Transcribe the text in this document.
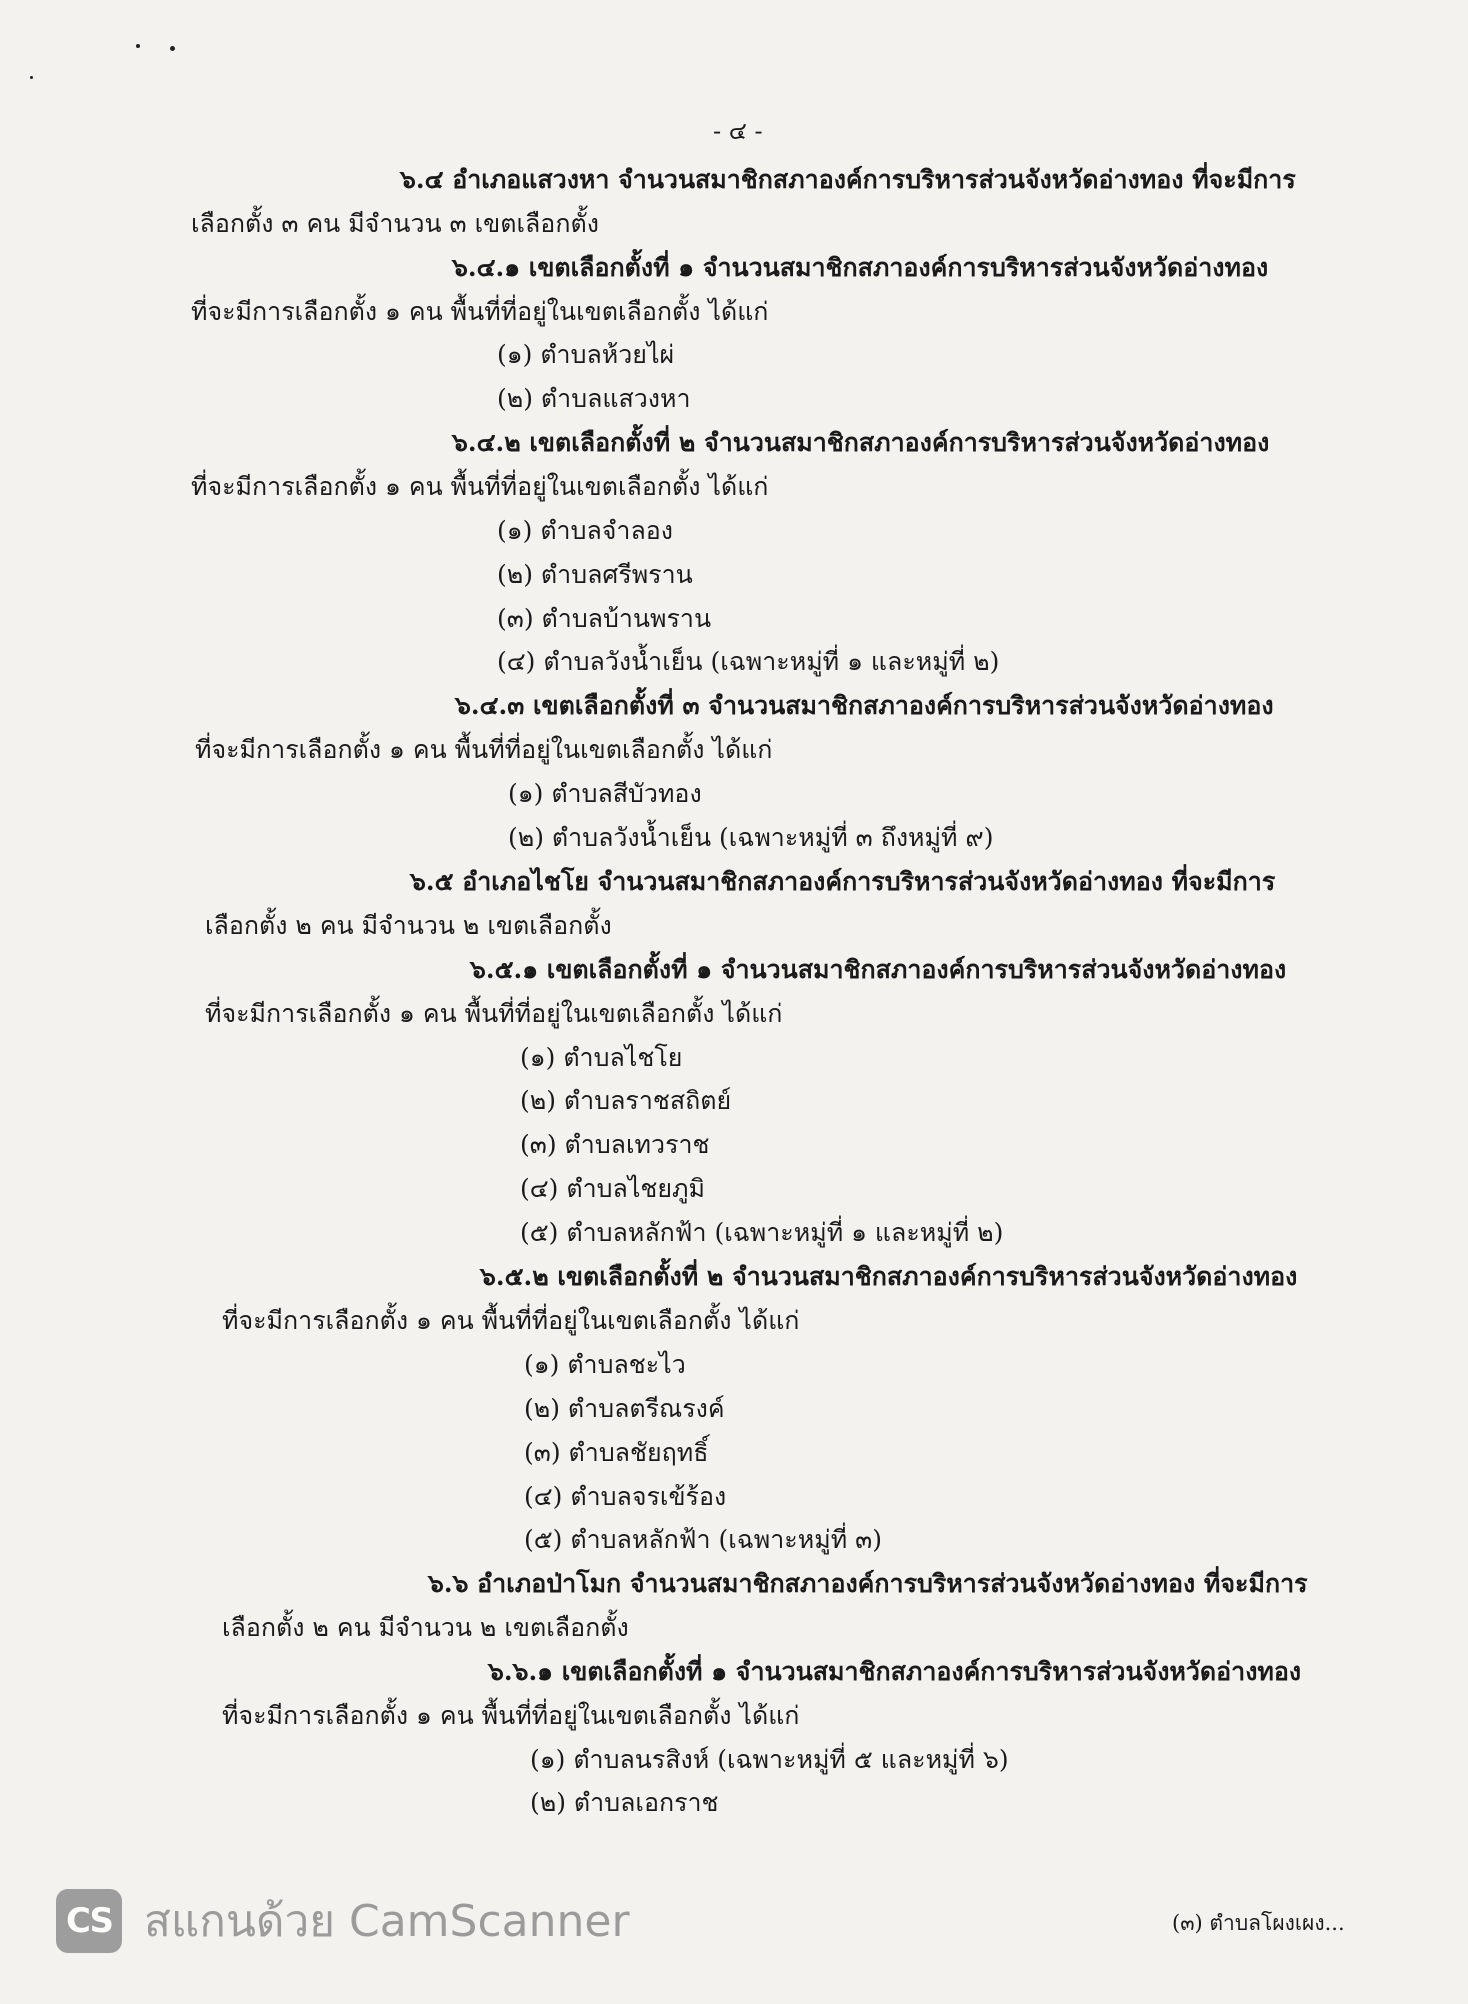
- ๔ -
๖.๔ อำเภอแสวงหา จำนวนสมาชิกสภาองค์การบริหารส่วนจังหวัดอ่างทอง ที่จะมีการ
เลือกตั้ง ๓ คน มีจำนวน ๓ เขตเลือกตั้ง
๖.๔.๑ เขตเลือกตั้งที่ ๑ จำนวนสมาชิกสภาองค์การบริหารส่วนจังหวัดอ่างทอง
ที่จะมีการเลือกตั้ง ๑ คน พื้นที่ที่อยู่ในเขตเลือกตั้ง ได้แก่
(๑) ตำบลห้วยไผ่
(๒) ตำบลแสวงหา
๖.๔.๒ เขตเลือกตั้งที่ ๒ จำนวนสมาชิกสภาองค์การบริหารส่วนจังหวัดอ่างทอง
ที่จะมีการเลือกตั้ง ๑ คน พื้นที่ที่อยู่ในเขตเลือกตั้ง ได้แก่
(๑) ตำบลจำลอง
(๒) ตำบลศรีพราน
(๓) ตำบลบ้านพราน
(๔) ตำบลวังน้ำเย็น (เฉพาะหมู่ที่ ๑ และหมู่ที่ ๒)
๖.๔.๓ เขตเลือกตั้งที่ ๓ จำนวนสมาชิกสภาองค์การบริหารส่วนจังหวัดอ่างทอง
ที่จะมีการเลือกตั้ง ๑ คน พื้นที่ที่อยู่ในเขตเลือกตั้ง ได้แก่
(๑) ตำบลสีบัวทอง
(๒) ตำบลวังน้ำเย็น (เฉพาะหมู่ที่ ๓ ถึงหมู่ที่ ๙)
๖.๕ อำเภอไชโย จำนวนสมาชิกสภาองค์การบริหารส่วนจังหวัดอ่างทอง ที่จะมีการ
เลือกตั้ง ๒ คน มีจำนวน ๒ เขตเลือกตั้ง
๖.๕.๑ เขตเลือกตั้งที่ ๑ จำนวนสมาชิกสภาองค์การบริหารส่วนจังหวัดอ่างทอง
ที่จะมีการเลือกตั้ง ๑ คน พื้นที่ที่อยู่ในเขตเลือกตั้ง ได้แก่
(๑) ตำบลไชโย
(๒) ตำบลราชสถิตย์
(๓) ตำบลเทวราช
(๔) ตำบลไชยภูมิ
(๕) ตำบลหลักฟ้า (เฉพาะหมู่ที่ ๑ และหมู่ที่ ๒)
๖.๕.๒ เขตเลือกตั้งที่ ๒ จำนวนสมาชิกสภาองค์การบริหารส่วนจังหวัดอ่างทอง
ที่จะมีการเลือกตั้ง ๑ คน พื้นที่ที่อยู่ในเขตเลือกตั้ง ได้แก่
(๑) ตำบลชะไว
(๒) ตำบลตรีณรงค์
(๓) ตำบลชัยฤทธิ์
(๔) ตำบลจรเข้ร้อง
(๕) ตำบลหลักฟ้า (เฉพาะหมู่ที่ ๓)
๖.๖ อำเภอป่าโมก จำนวนสมาชิกสภาองค์การบริหารส่วนจังหวัดอ่างทอง ที่จะมีการ
เลือกตั้ง ๒ คน มีจำนวน ๒ เขตเลือกตั้ง
๖.๖.๑ เขตเลือกตั้งที่ ๑ จำนวนสมาชิกสภาองค์การบริหารส่วนจังหวัดอ่างทอง
ที่จะมีการเลือกตั้ง ๑ คน พื้นที่ที่อยู่ในเขตเลือกตั้ง ได้แก่
(๑) ตำบลนรสิงห์ (เฉพาะหมู่ที่ ๕ และหมู่ที่ ๖)
(๒) ตำบลเอกราช
CS สแกนด้วย CamScanner	(๓) ตำบลโผงเผง...
